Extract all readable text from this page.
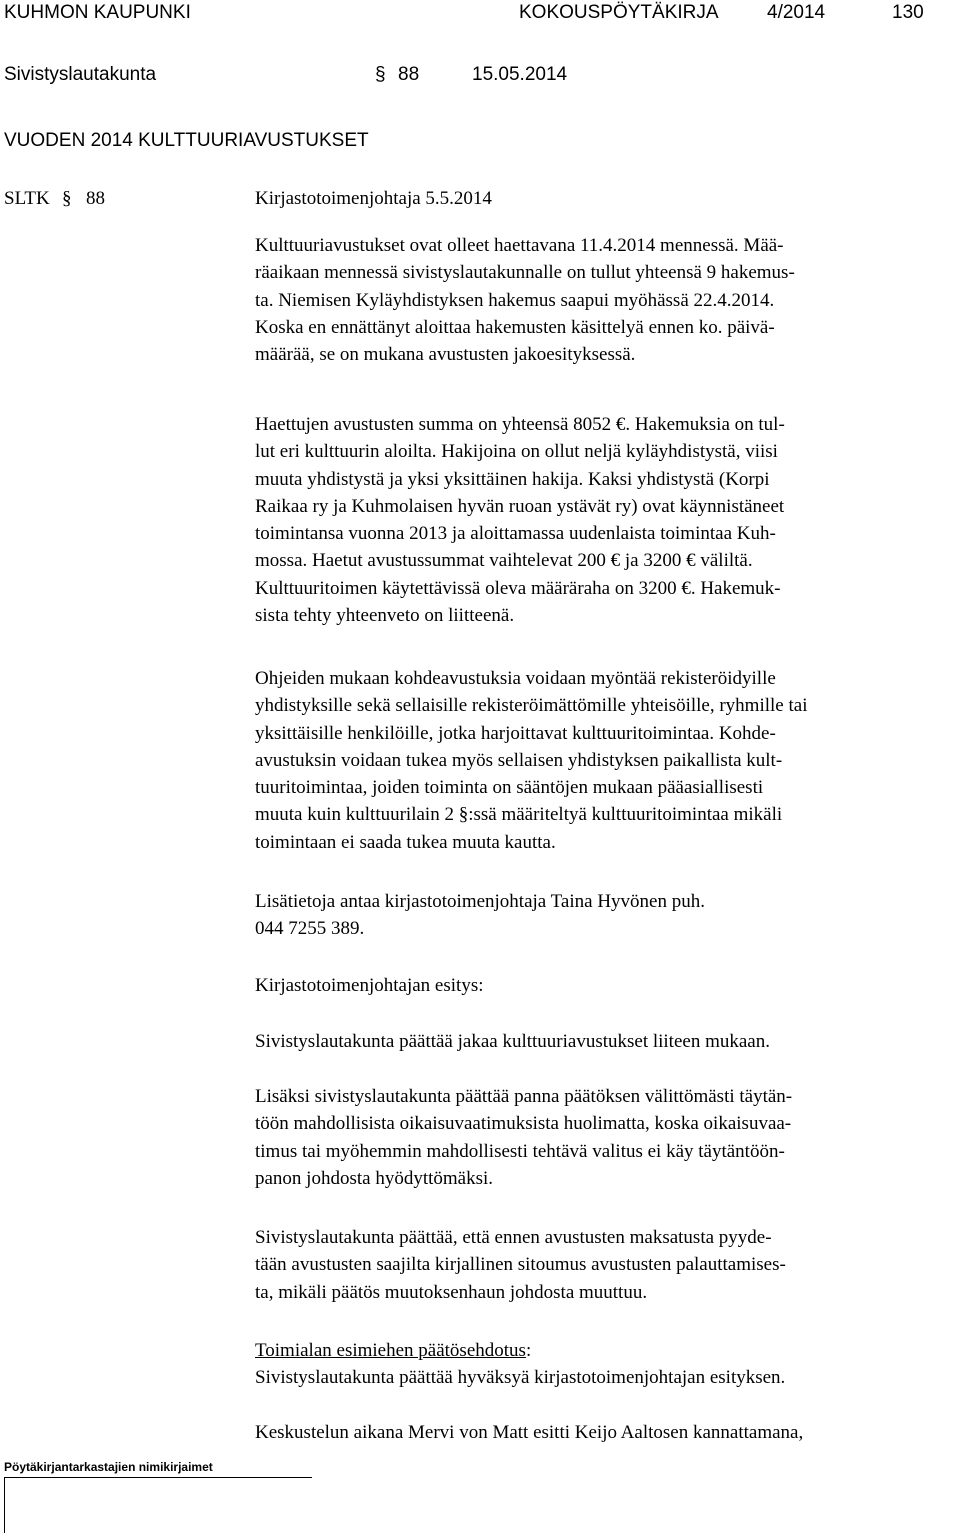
KUHMON KAUPUNKI	KOKOUSPÖYTÄKIRJA	4/2014	130
Sivistyslautakunta	§ 88	15.05.2014
VUODEN 2014 KULTTUURIAVUSTUKSET
SLTK § 88	Kirjastotoimenjohtaja 5.5.2014
Kulttuuriavustukset ovat olleet haettavana 11.4.2014 mennessä. Mää-
räaikaan mennessä sivistyslautakunnalle on tullut yhteensä 9 hakemus-
ta. Niemisen Kyläyhdistyksen hakemus saapui myöhässä 22.4.2014.
Koska en ennättänyt aloittaa hakemusten käsittelyä ennen ko. päivä-
määrää, se on mukana avustusten jakoesityksessä.
Haettujen avustusten summa on yhteensä 8052 €. Hakemuksia on tul-
lut eri kulttuurin aloilta. Hakijoina on ollut neljä kyläyhdistystä, viisi
muuta yhdistystä ja yksi yksittäinen hakija. Kaksi yhdistystä (Korpi
Raikaa ry ja Kuhmolaisen hyvän ruoan ystävät ry) ovat käynnistäneet
toimintansa vuonna 2013 ja aloittamassa uudenlaista toimintaa Kuh-
mossa. Haetut avustussummat vaihtelevat 200 € ja 3200 € väliltä.
Kulttuuritoimen käytettävissä oleva määräraha on 3200 €. Hakemuk-
sista tehty yhteenveto on liitteenä.
Ohjeiden mukaan kohdeavustuksia voidaan myöntää rekisteröidyille
yhdistyksille sekä sellaisille rekisteröimättömille yhteisöille, ryhmille tai
yksittäisille henkilöille, jotka harjoittavat kulttuuritoimintaa. Kohde-
avustuksin voidaan tukea myös sellaisen yhdistyksen paikallista kult-
tuuritoimintaa, joiden toiminta on sääntöjen mukaan pääasiallisesti
muuta kuin kulttuurilain 2 §:ssä määriteltyä kulttuuritoimintaa mikäli
toimintaan ei saada tukea muuta kautta.
Lisätietoja antaa kirjastotoimenjohtaja Taina Hyvönen puh.
044 7255 389.
Kirjastotoimenjohtajan esitys:
Sivistyslautakunta päättää jakaa kulttuuriavustukset liiteen mukaan.
Lisäksi sivistyslautakunta päättää panna päätöksen välittömästi täytän-
töön mahdollisista oikaisuvaatimuksista huolimatta, koska oikaisuvaa-
timus tai myöhemmin mahdollisesti tehtävä valitus ei käy täytäntöön-
panon johdosta hyödyttömäksi.
Sivistyslautakunta päättää, että ennen avustusten maksatusta pyyde-
tään avustusten saajilta kirjallinen sitoumus avustusten palauttamises-
ta, mikäli päätös muutoksenhaun johdosta muuttuu.
Toimialan esimiehen päätösehdotus:
Sivistyslautakunta päättää hyväksyä kirjastotoimenjohtajan esityksen.
Keskustelun aikana Mervi von Matt esitti Keijo Aaltosen kannattamana,
Pöytäkirjantarkastajien nimikirjaimet
